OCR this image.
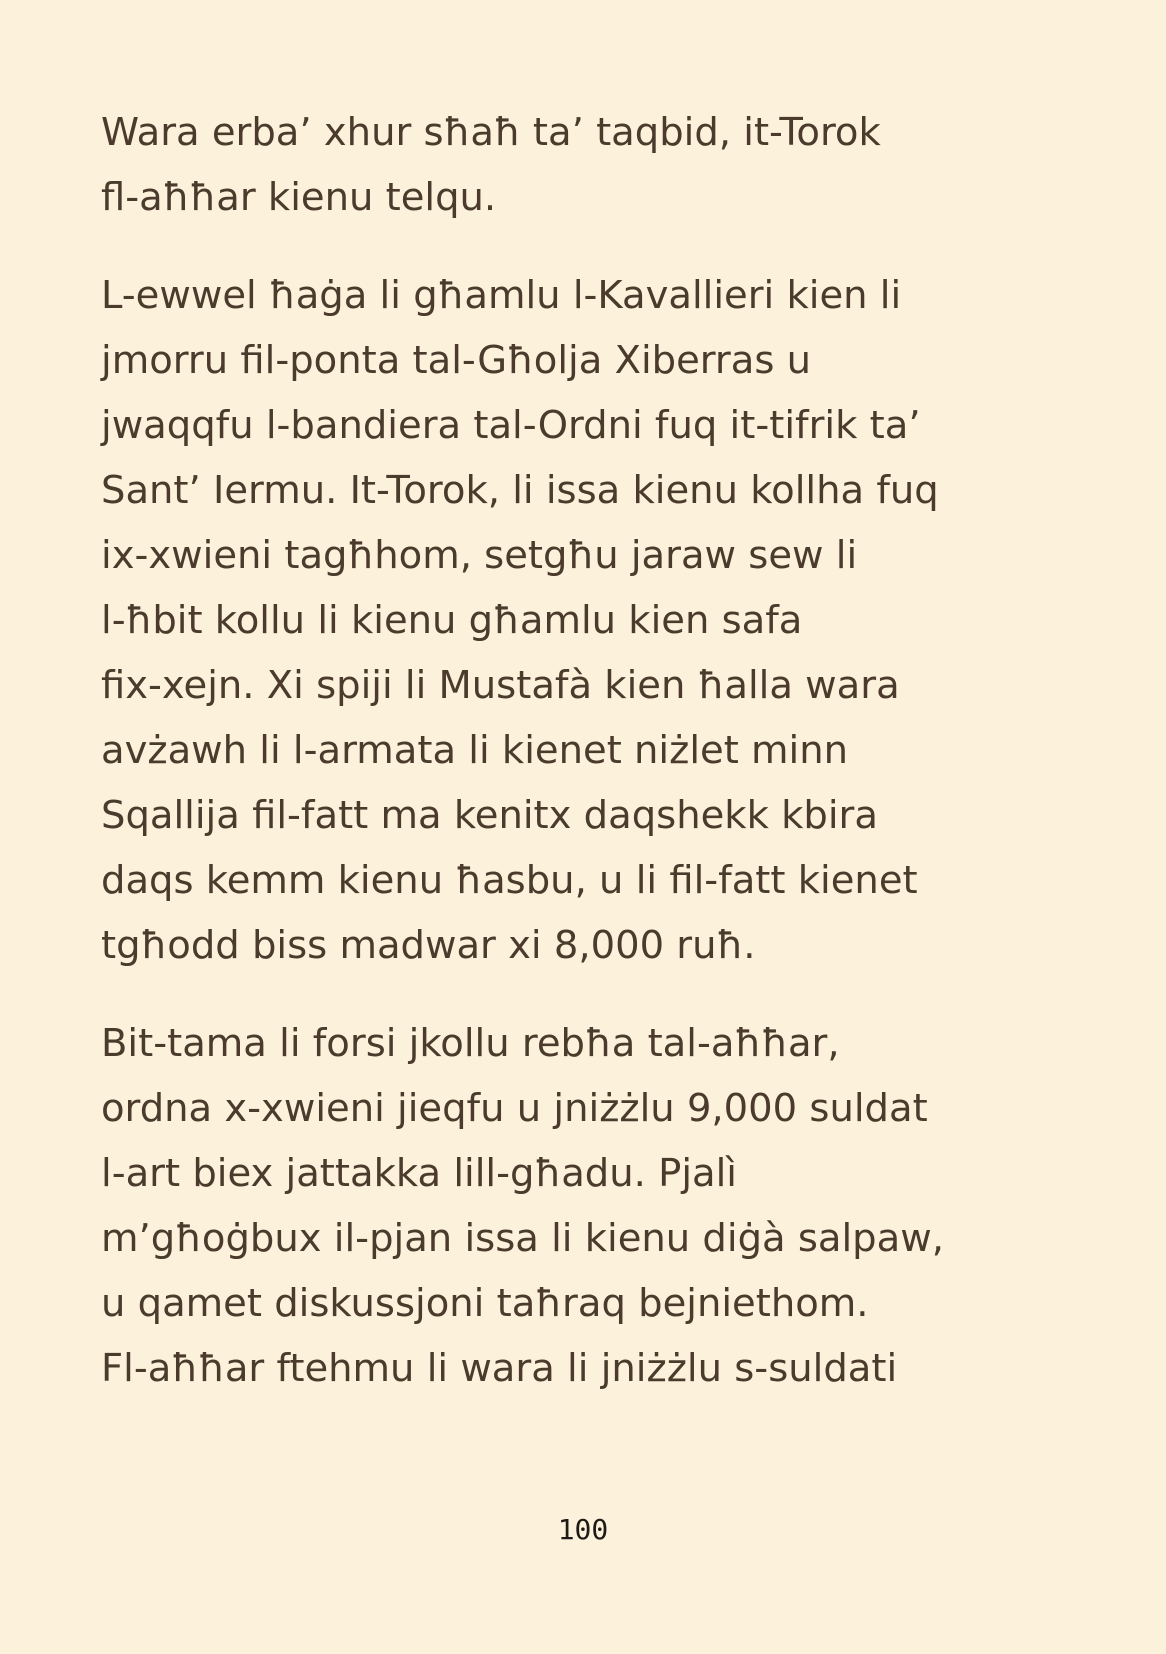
Wara erba’ xhur sħaħ ta’ taqbid, it-Torok
fl-aħħar kienu telqu.

L-ewwel ħaġa li għamlu l-Kavallieri kien li
jmorru fil-ponta tal-Għolja Xiberras u
jwaqqfu l-bandiera tal-Ordni fuq it-tifrik ta’
Sant’ Iermu. It-Torok, li issa kienu kollha fuq
ix-xwieni tagħhom, setgħu jaraw sew li
l-ħbit kollu li kienu għamlu kien safa
fix-xejn. Xi spiji li Mustafà kien ħalla wara
avżawh li l-armata li kienet niżlet minn
Sqallija fil-fatt ma kenitx daqshekk kbira
daqs kemm kienu ħasbu, u li fil-fatt kienet
tgħodd biss madwar xi 8,000 ruħ.

Bit-tama li forsi jkollu rebħa tal-aħħar,
ordna x-xwieni jieqfu u jniżżlu 9,000 suldat
l-art biex jattakka lill-għadu. Pjalì
m’għoġbux il-pjan issa li kienu diġà salpaw,
u qamet diskussjoni taħraq bejniethom.
Fl-aħħar ftehmu li wara li jniżżlu s-suldati

100
